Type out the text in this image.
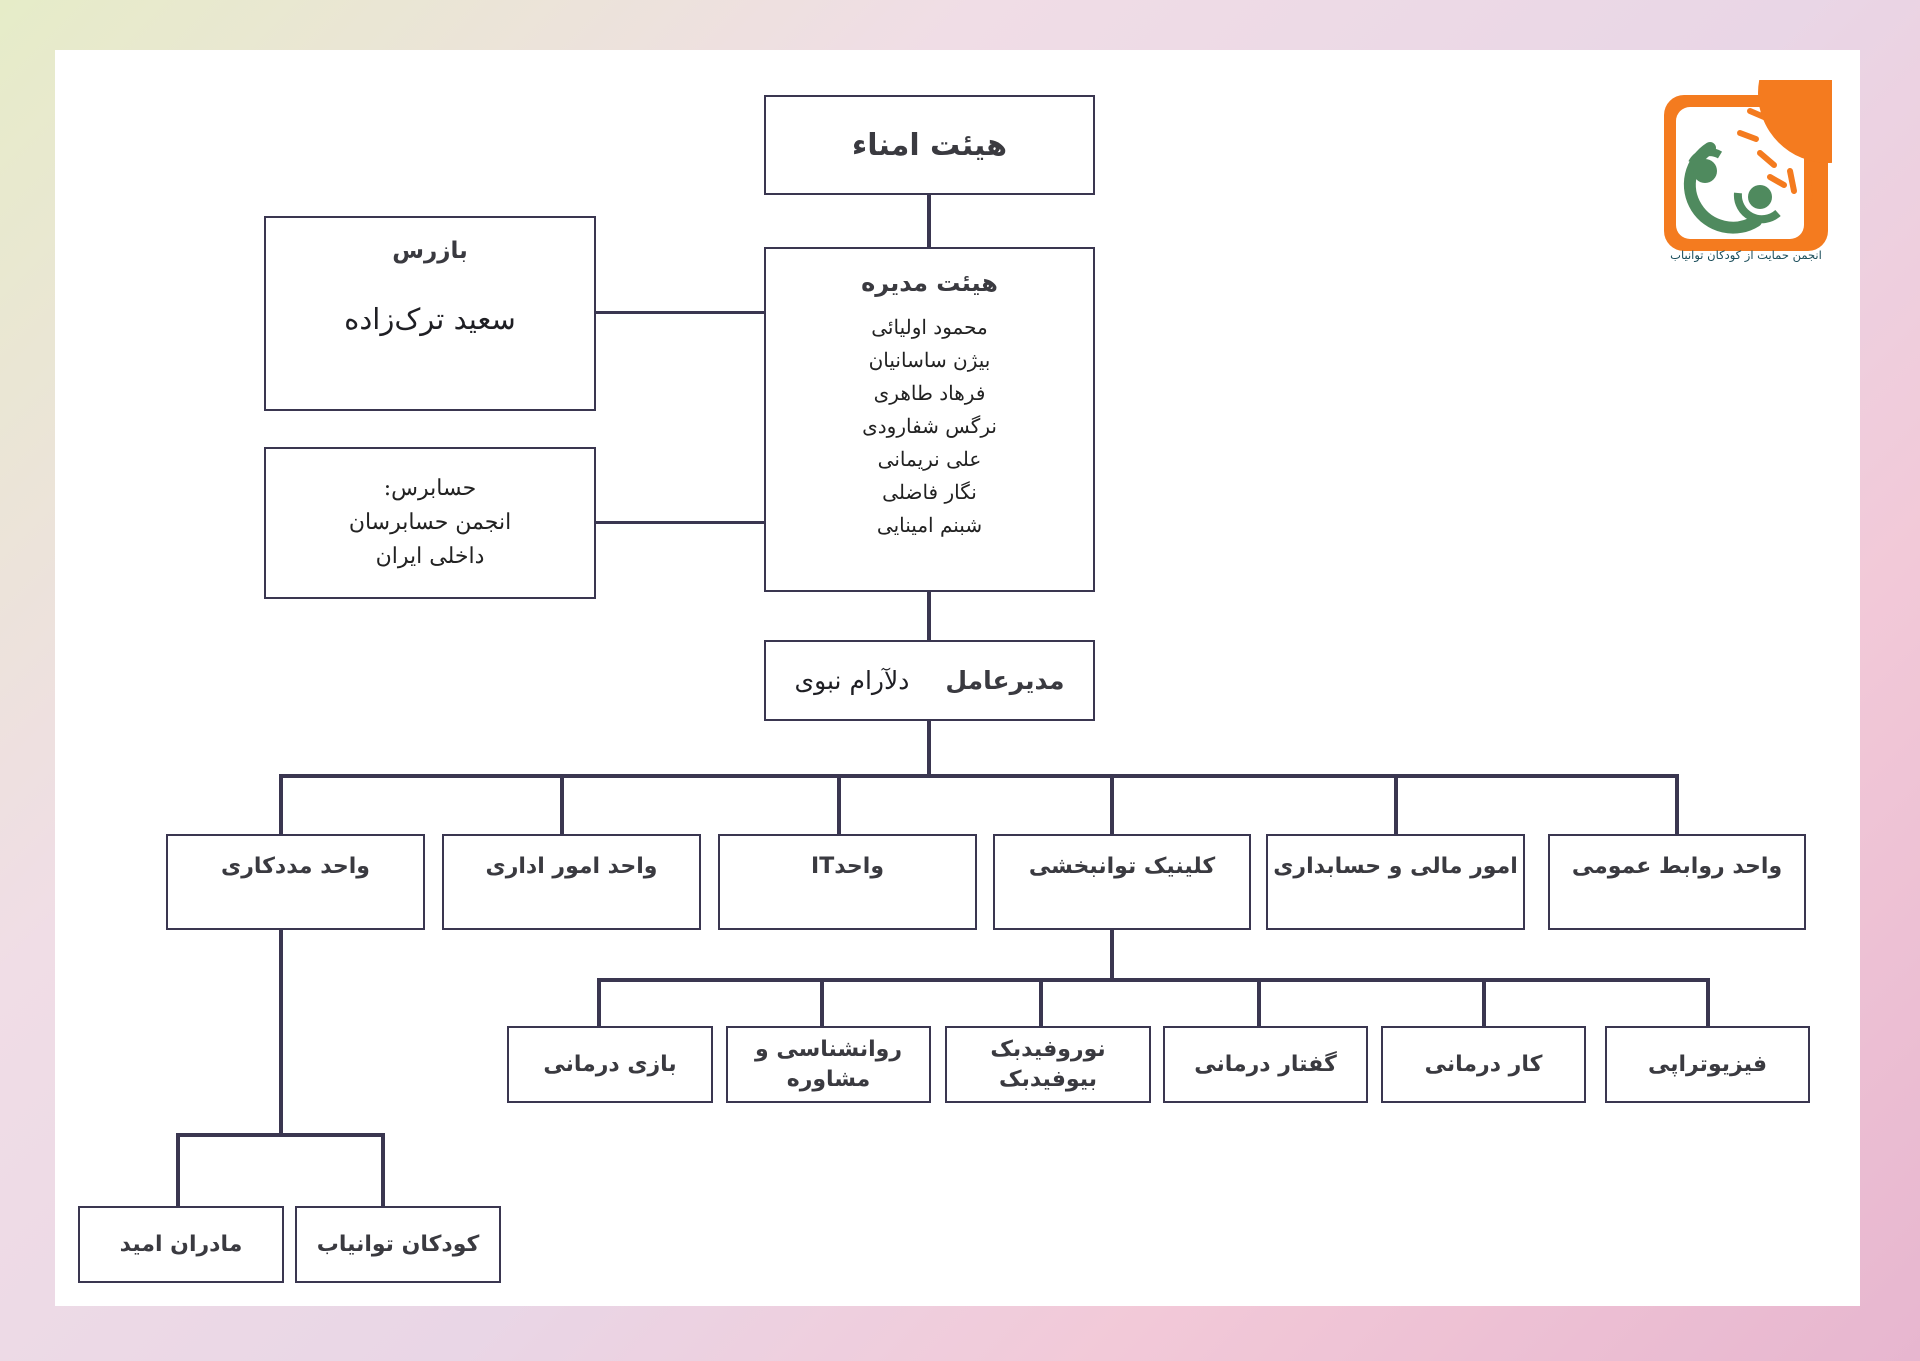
انجمن حمایت از کودکان توانیاب
هیئت امناء
بازرس
سعید ترک‌زاده
حسابرس:
انجمن حسابرسان
داخلی ایران
هیئت مدیره
محمود اولیائی
بیژن ساسانیان
فرهاد طاهری
نرگس شفارودی
علی نریمانی
نگار فاضلی
شبنم امینایی
مدیرعامل
دلآرام نبوی
واحد روابط عمومی
امور مالی و حسابداری
کلینیک توانبخشی
واحدIT
واحد امور اداری
واحد مددکاری
فیزیوتراپی
کار درمانی
گفتار درمانی
نوروفیدبک
بیوفیدبک
روانشناسی و
مشاوره
بازی درمانی
کودکان توانیاب
مادران امید
